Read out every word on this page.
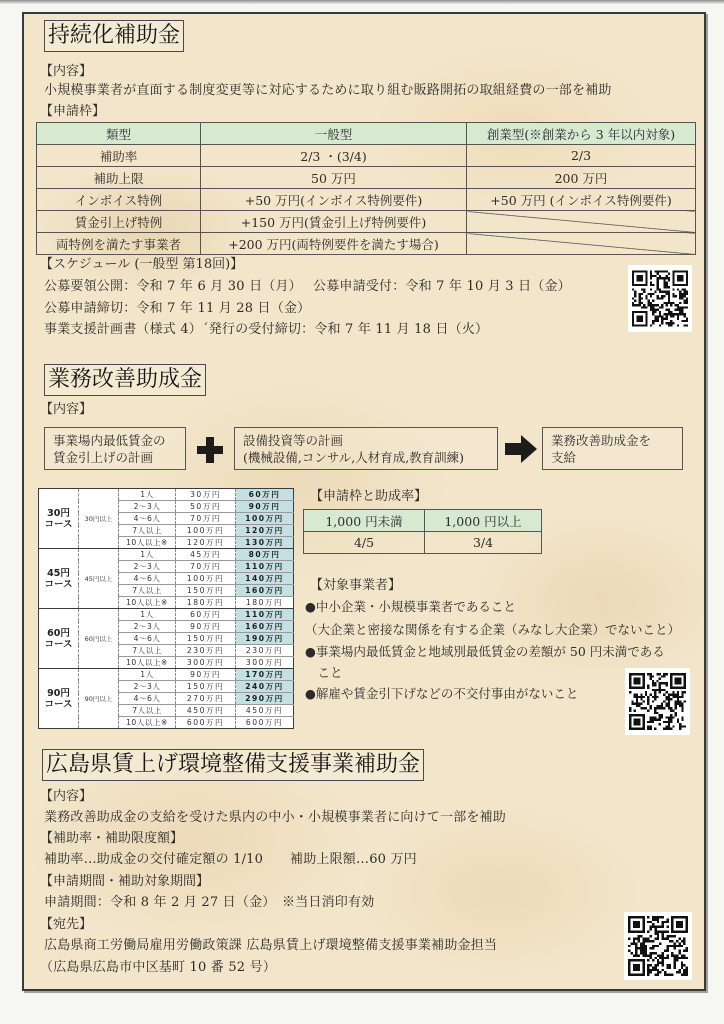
持続化補助金
【内容】
小規模事業者が直面する制度変更等に対応するために取り組む販路開拓の取組経費の一部を補助
【申請枠】
類型	一般型	創業型(※創業から 3 年以内対象)
補助率	2/3 ・(3/4)	2/3
補助上限	50 万円	200 万円
インボイス特例	+50 万円(インボイス特例要件)	+50 万円 (インボイス特例要件)
賃金引上げ特例	+150 万円(賃金引上げ特例要件)	
両特例を満たす事業者	+200 万円(両特例要件を満たす場合)	
【スケジュール (一般型 第18回)】
公募要領公開：令和 7 年 6 月 30 日（月） 公募申請受付：令和 7 年 10 月 3 日（金）
公募申請締切：令和 7 年 11 月 28 日（金）
事業支援計画書（様式 4）ˊ発行の受付締切：令和 7 年 11 月 18 日（火）
業務改善助成金
【内容】
事業場内最低賃金の
賃金引上げの計画
設備投資等の計画
(機械設備,コンサル,人材育成,教育訓練)
業務改善助成金を
支給
30円
コース	30円以上	1人	30万円	60万円
		2～3人	50万円	90万円
		4～6人	70万円	100万円
		7人以上	100万円	120万円
		10人以上※	120万円	130万円
45円
コース	45円以上	1人	45万円	80万円
		2～3人	70万円	110万円
		4～6人	100万円	140万円
		7人以上	150万円	160万円
		10人以上※	180万円	180万円
60円
コース	60円以上	1人	60万円	110万円
		2～3人	90万円	160万円
		4～6人	150万円	190万円
		7人以上	230万円	230万円
		10人以上※	300万円	300万円
90円
コース	90円以上	1人	90万円	170万円
		2～3人	150万円	240万円
		4～6人	270万円	290万円
		7人以上	450万円	450万円
		10人以上※	600万円	600万円
【申請枠と助成率】
1,000 円未満	1,000 円以上
4/5	3/4
【対象事業者】
●中小企業・小規模事業者であること
（大企業と密接な関係を有する企業（みなし大企業）でないこと）
●事業場内最低賃金と地域別最低賃金の差額が 50 円未満である
　こと
●解雇や賃金引下げなどの不交付事由がないこと
広島県賃上げ環境整備支援事業補助金
【内容】
業務改善助成金の支給を受けた県内の中小・小規模事業者に向けて一部を補助
【補助率・補助限度額】
補助率…助成金の交付確定額の 1/10 補助上限額…60 万円
【申請期間・補助対象期間】
申請期間：令和 8 年 2 月 27 日（金） ※当日消印有効
【宛先】
広島県商工労働局雇用労働政策課 広島県賃上げ環境整備支援事業補助金担当
（広島県広島市中区基町 10 番 52 号）
